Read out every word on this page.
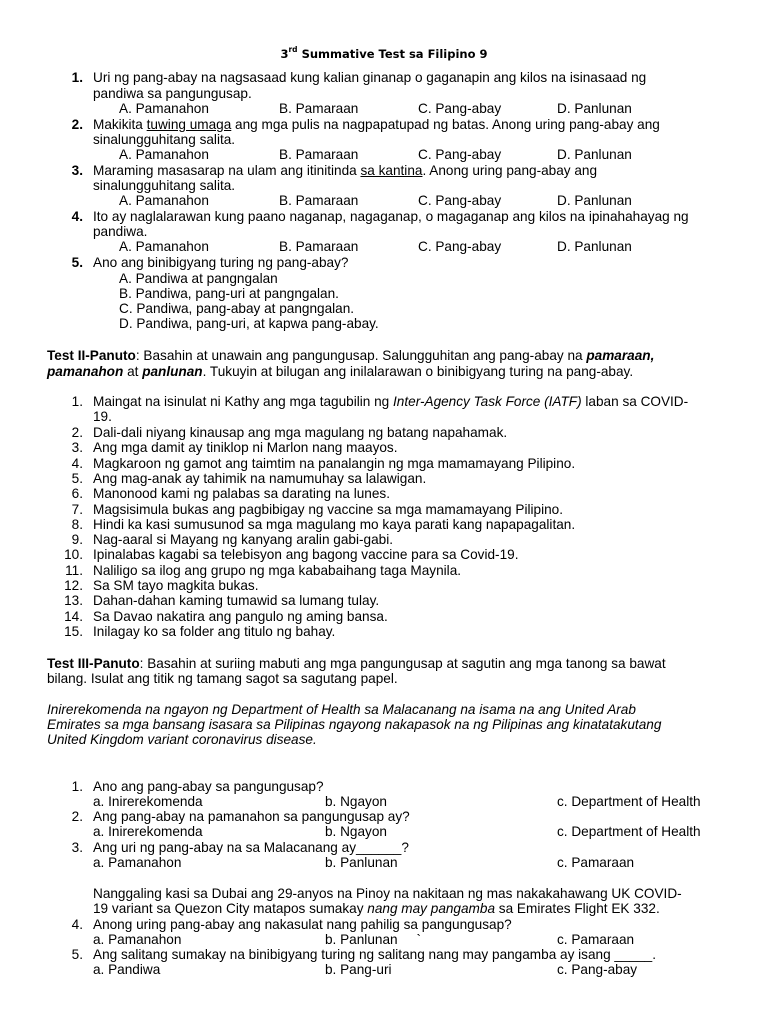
3rd Summative Test sa Filipino 9
1. Uri ng pang-abay na nagsasaad kung kalian ginanap o gaganapin ang kilos na isinasaad ng
pandiwa sa pangungusap.
A. Pamanahon	B. Pamaraan	C. Pang-abay	D. Panlunan
2. Makikita tuwing umaga ang mga pulis na nagpapatupad ng batas. Anong uring pang-abay ang
sinalungguhitang salita.
A. Pamanahon	B. Pamaraan	C. Pang-abay	D. Panlunan
3. Maraming masasarap na ulam ang itinitinda sa kantina. Anong uring pang-abay ang
sinalungguhitang salita.
A. Pamanahon	B. Pamaraan	C. Pang-abay	D. Panlunan
4. Ito ay naglalarawan kung paano naganap, nagaganap, o magaganap ang kilos na ipinahahayag ng
pandiwa.
A. Pamanahon	B. Pamaraan	C. Pang-abay	D. Panlunan
5. Ano ang binibigyang turing ng pang-abay?
A. Pandiwa at pangngalan
B. Pandiwa, pang-uri at pangngalan.
C. Pandiwa, pang-abay at pangngalan.
D. Pandiwa, pang-uri, at kapwa pang-abay.
Test II-Panuto: Basahin at unawain ang pangungusap. Salungguhitan ang pang-abay na pamaraan,
pamanahon at panlunan. Tukuyin at bilugan ang inilalarawan o binibigyang turing na pang-abay.
1. Maingat na isinulat ni Kathy ang mga tagubilin ng Inter-Agency Task Force (IATF) laban sa COVID-
19.
2. Dali-dali niyang kinausap ang mga magulang ng batang napahamak.
3. Ang mga damit ay tiniklop ni Marlon nang maayos.
4. Magkaroon ng gamot ang taimtim na panalangin ng mga mamamayang Pilipino.
5. Ang mag-anak ay tahimik na namumuhay sa lalawigan.
6. Manonood kami ng palabas sa darating na lunes.
7. Magsisimula bukas ang pagbibigay ng vaccine sa mga mamamayang Pilipino.
8. Hindi ka kasi sumusunod sa mga magulang mo kaya parati kang napapagalitan.
9. Nag-aaral si Mayang ng kanyang aralin gabi-gabi.
10. Ipinalabas kagabi sa telebisyon ang bagong vaccine para sa Covid-19.
11. Naliligo sa ilog ang grupo ng mga kababaihang taga Maynila.
12. Sa SM tayo magkita bukas.
13. Dahan-dahan kaming tumawid sa lumang tulay.
14. Sa Davao nakatira ang pangulo ng aming bansa.
15. Inilagay ko sa folder ang titulo ng bahay.
Test III-Panuto: Basahin at suriing mabuti ang mga pangungusap at sagutin ang mga tanong sa bawat
bilang. Isulat ang titik ng tamang sagot sa sagutang papel.
Inirerekomenda na ngayon ng Department of Health sa Malacanang na isama na ang United Arab
Emirates sa mga bansang isasara sa Pilipinas ngayong nakapasok na ng Pilipinas ang kinatatakutang
United Kingdom variant coronavirus disease.
1. Ano ang pang-abay sa pangungusap?
a. Inirerekomenda	b. Ngayon	c. Department of Health
2. Ang pang-abay na pamanahon sa pangungusap ay?
a. Inirerekomenda	b. Ngayon	c. Department of Health
3. Ang uri ng pang-abay na sa Malacanang ay______?
a. Pamanahon	b. Panlunan	c. Pamaraan
Nanggaling kasi sa Dubai ang 29-anyos na Pinoy na nakitaan ng mas nakakahawang UK COVID-
19 variant sa Quezon City matapos sumakay nang may pangamba sa Emirates Flight EK 332.
4. Anong uring pang-abay ang nakasulat nang pahilig sa pangungusap?
a. Pamanahon	b. Panlunan     `	c. Pamaraan
5. Ang salitang sumakay na binibigyang turing ng salitang nang may pangamba ay isang _____.
a. Pandiwa	b. Pang-uri	c. Pang-abay
